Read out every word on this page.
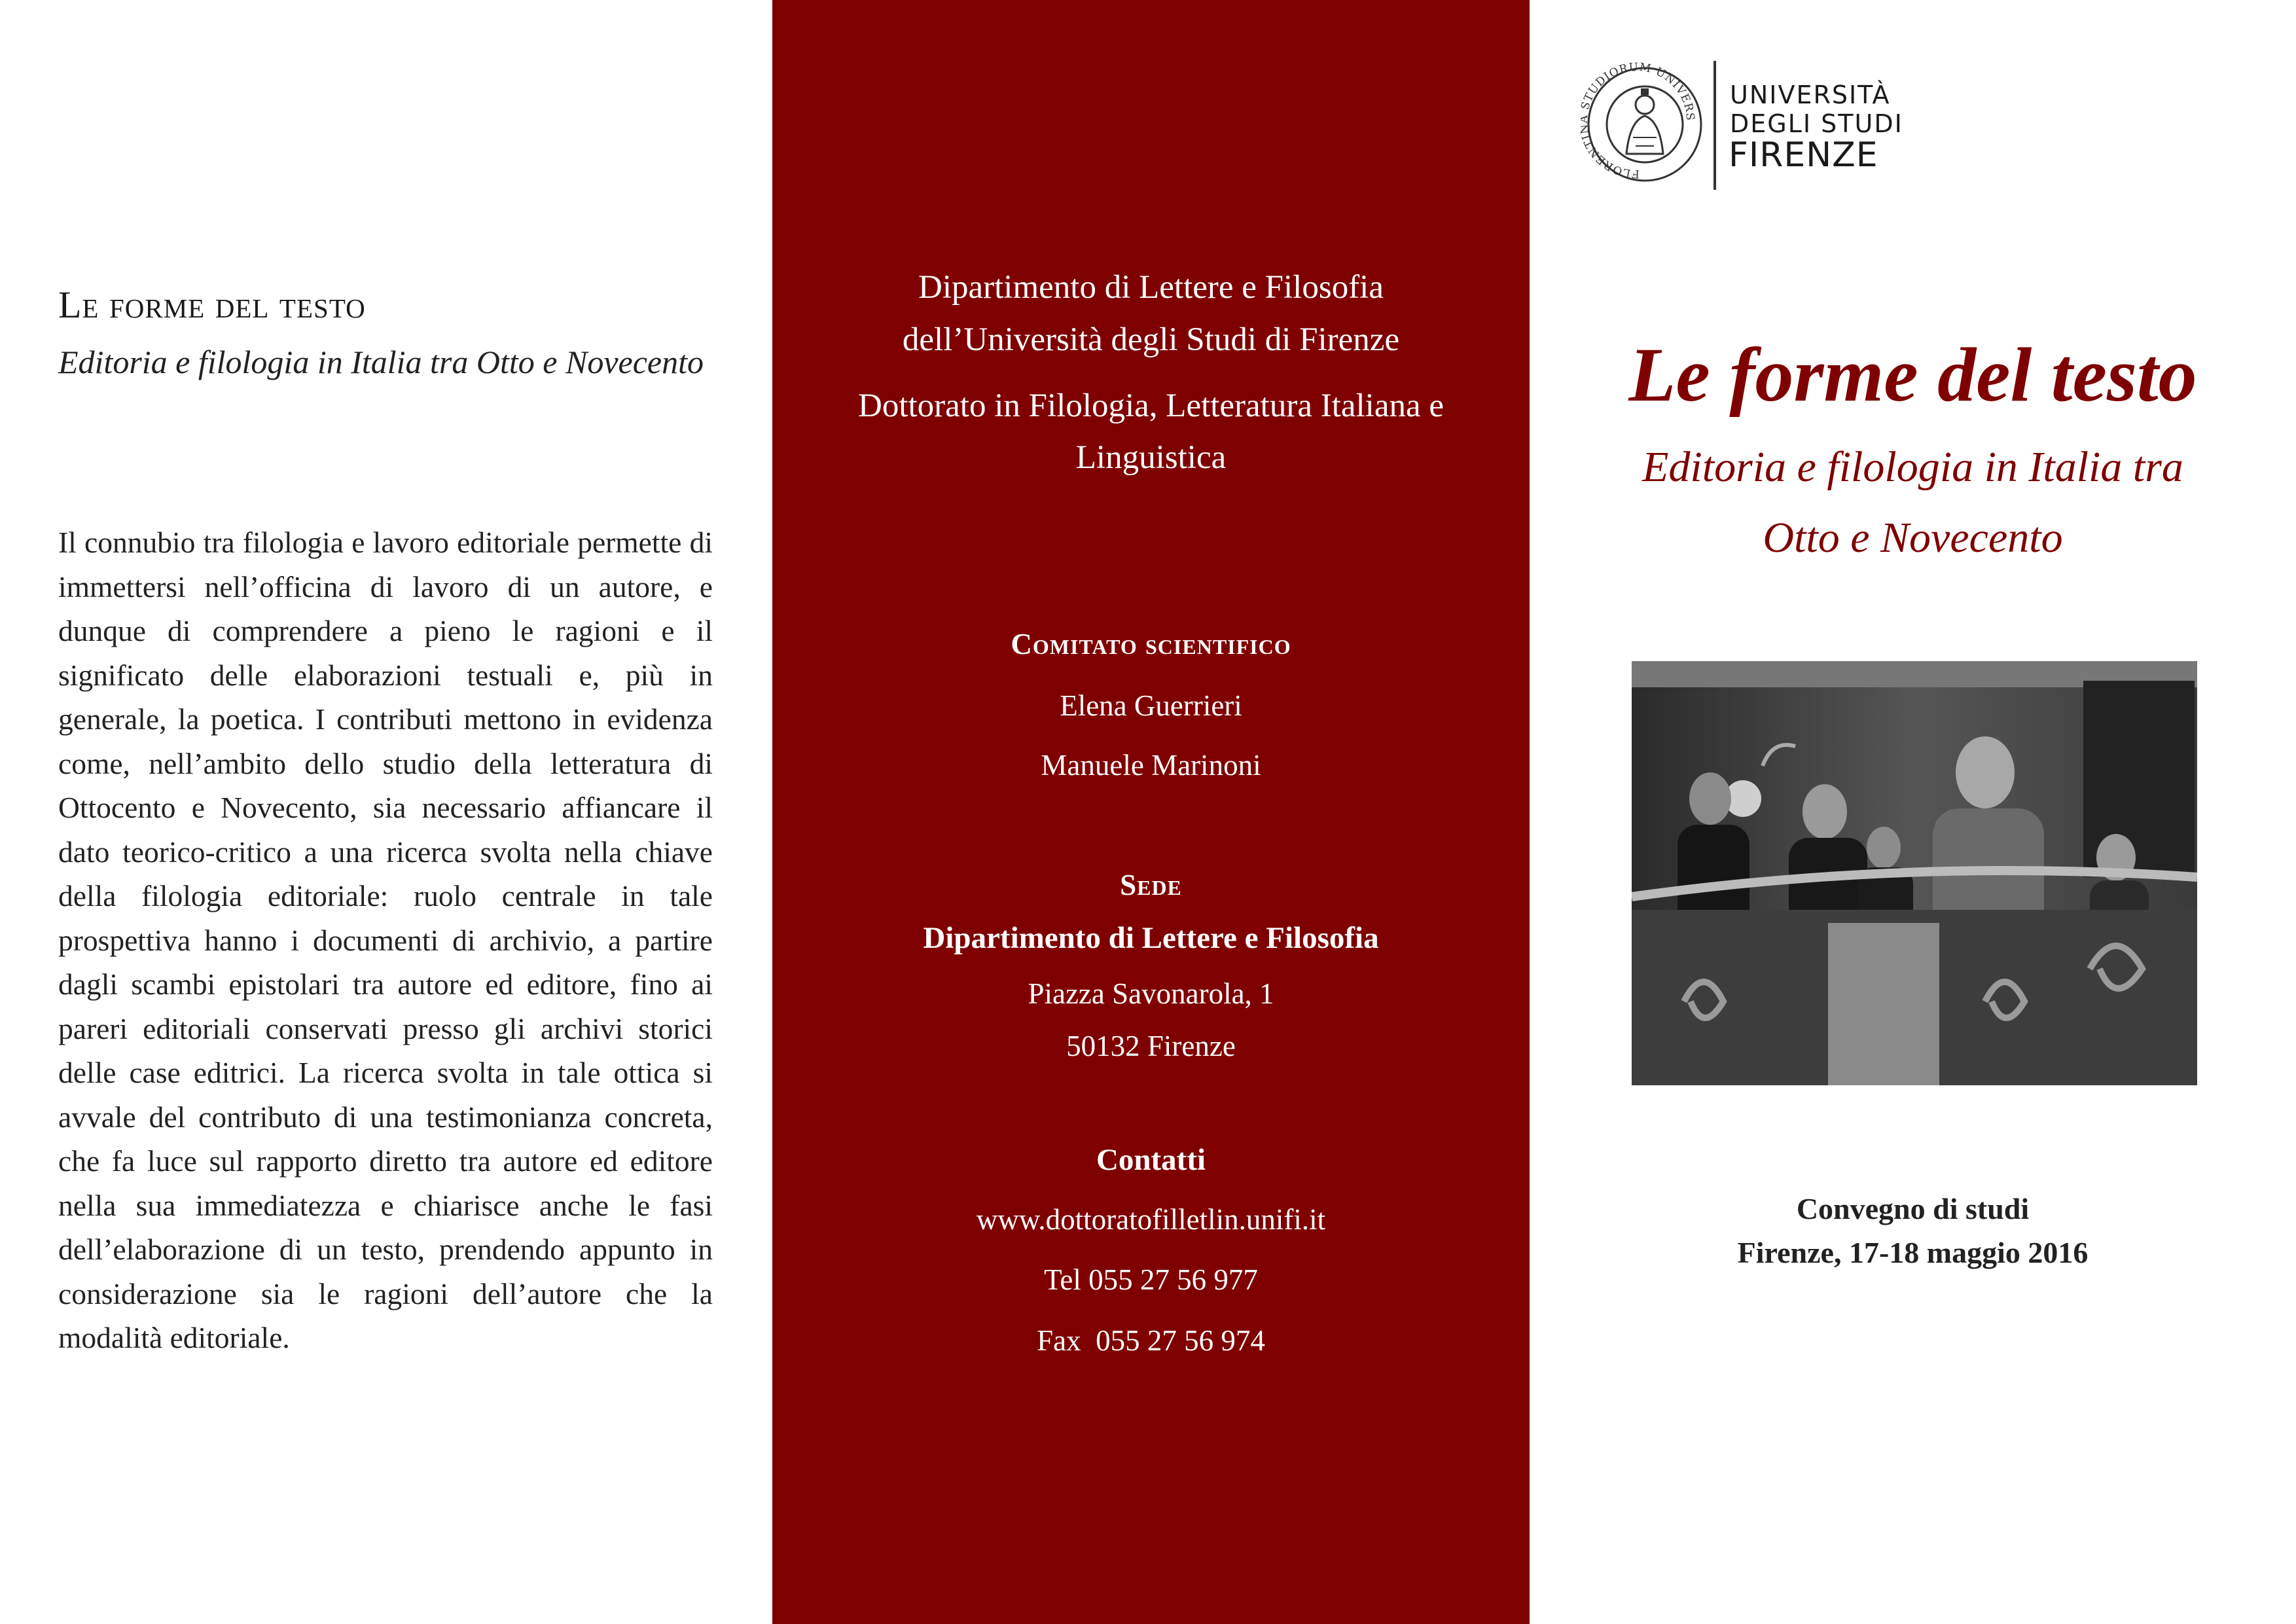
Le forme del testo
Editoria e filologia in Italia tra Otto e Novecento
Il connubio tra filologia e lavoro editoriale permette di immettersi nell’officina di lavoro di un autore, e dunque di comprendere a pieno le ragioni e il significato delle elaborazioni testuali e, più in generale, la poetica. I contributi mettono in evidenza come, nell’ambito dello studio della letteratura di Ottocento e Novecento, sia necessario affiancare il dato teorico-critico a una ricerca svolta nella chiave della filologia editoriale: ruolo centrale in tale prospettiva hanno i documenti di archivio, a partire dagli scambi epistolari tra autore ed editore, fino ai pareri editoriali conservati presso gli archivi storici delle case editrici. La ricerca svolta in tale ottica si avvale del contributo di una testimonianza concreta, che fa luce sul rapporto diretto tra autore ed editore nella sua immediatezza e chiarisce anche le fasi dell’elaborazione di un testo, prendendo appunto in considerazione sia le ragioni dell’autore che la modalità editoriale.
Dipartimento di Lettere e Filosofia
dell’Università degli Studi di Firenze
Dottorato in Filologia, Letteratura Italiana e
Linguistica
Comitato scientifico
Elena Guerrieri
Manuele Marinoni
Sede
Dipartimento di Lettere e Filosofia
Piazza Savonarola, 1
50132 Firenze
Contatti
www.dottoratofilletlin.unifi.it
Tel 055 27 56 977
Fax  055 27 56 974
FLORENTI TUDIORUM UNIVERS
UNIVERSITÀ
DEGLI STUDI
FIRENZE
Le forme del testo
Editoria e filologia in Italia tra
Otto e Novecento
Convegno di studi
Firenze, 17-18 maggio 2016
